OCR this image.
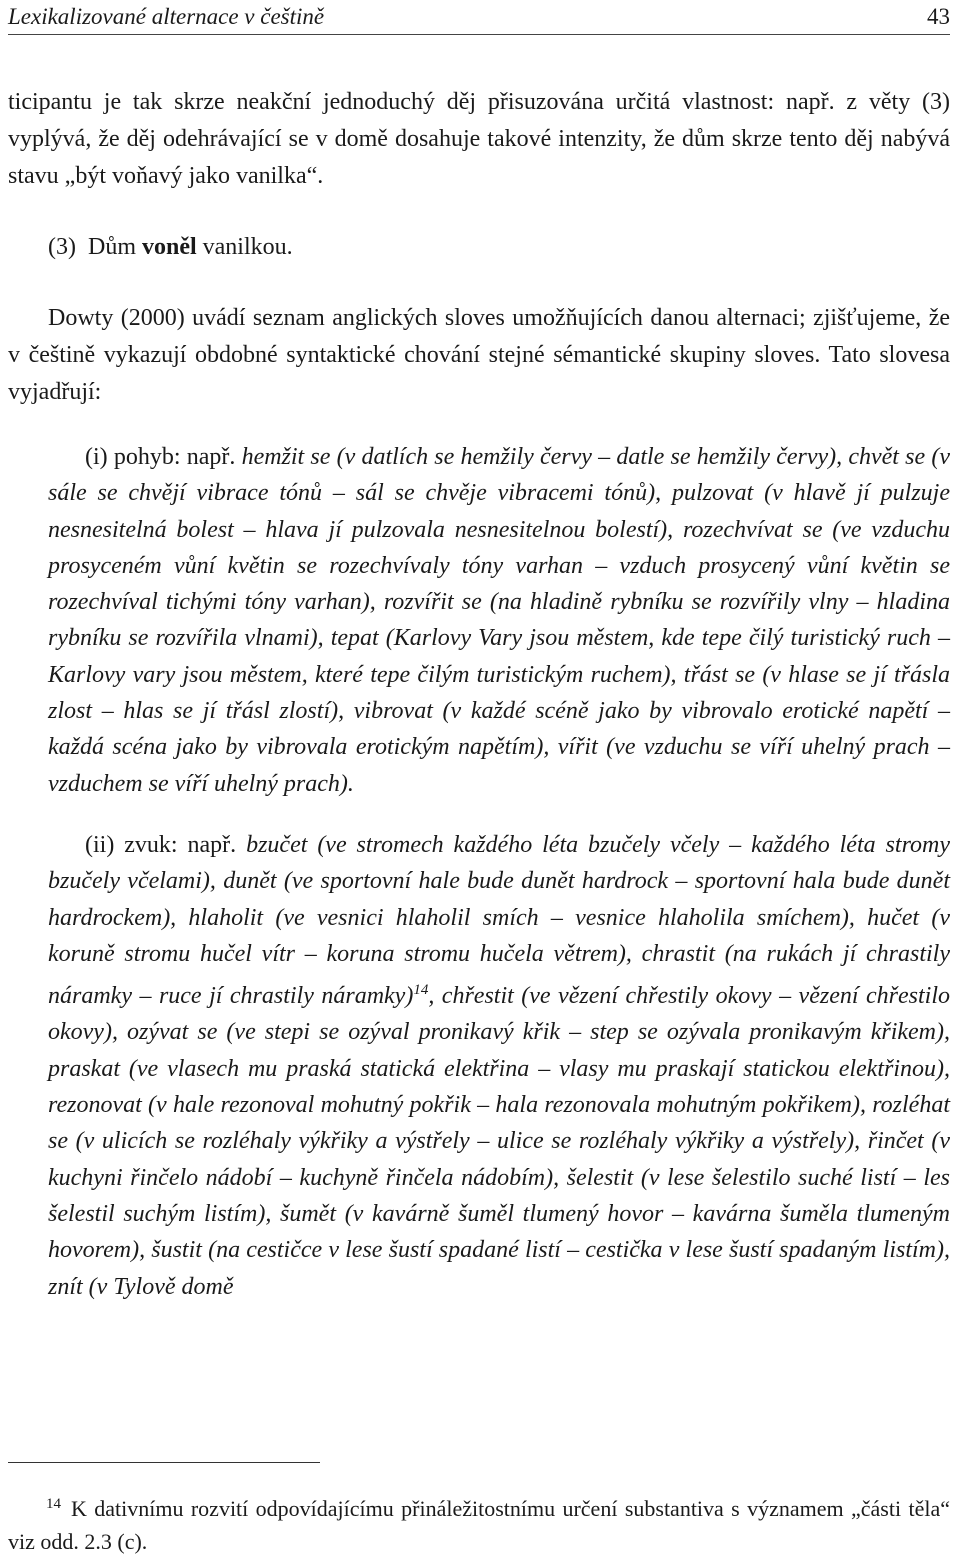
Lexikalizované alternace v češtině	43

ticipantu je tak skrze neakční jednoduchý děj přisuzována určitá vlastnost: např. z věty (3) vyplývá, že děj odehrávající se v domě dosahuje takové intenzity, že dům skrze tento děj nabývá stavu „být voňavý jako vanilka“.

(3) Dům voněl vanilkou.

Dowty (2000) uvádí seznam anglických sloves umožňujících danou alternaci; zjišťujeme, že v češtině vykazují obdobné syntaktické chování stejné sémantické skupiny sloves. Tato slovesa vyjadřují:

(i) pohyb: např. hemžit se (v datlích se hemžily červy – datle se hemžily červy), chvět se (v sále se chvějí vibrace tónů – sál se chvěje vibracemi tónů), pulzovat (v hlavě jí pulzuje nesnesitelná bolest – hlava jí pulzovala nesnesitelnou bolestí), rozechvívat se (ve vzduchu prosyceném vůní květin se rozechvívaly tóny varhan – vzduch prosycený vůní květin se rozechvíval tichými tóny varhan), rozvířit se (na hladině rybníku se rozvířily vlny – hladina rybníku se rozvířila vlnami), tepat (Karlovy Vary jsou městem, kde tepe čilý turistický ruch – Karlovy vary jsou městem, které tepe čilým turistickým ruchem), třást se (v hlase se jí třásla zlost – hlas se jí třásl zlostí), vibrovat (v každé scéně jako by vibrovalo erotické napětí – každá scéna jako by vibrovala erotickým napětím), vířit (ve vzduchu se víří uhelný prach – vzduchem se víří uhelný prach).

(ii) zvuk: např. bzučet (ve stromech každého léta bzučely včely – každého léta stromy bzučely včelami), dunět (ve sportovní hale bude dunět hardrock – sportovní hala bude dunět hardrockem), hlaholit (ve vesnici hlaholil smích – vesnice hlaholila smíchem), hučet (v koruně stromu hučel vítr – koruna stromu hučela větrem), chrastit (na rukách jí chrastily náramky – ruce jí chrastily náramky)$^{14}$, chřestit (ve vězení chřestily okovy – vězení chřestilo okovy), ozývat se (ve stepi se ozýval pronikavý křik – step se ozývala pronikavým křikem), praskat (ve vlasech mu praská statická elektřina – vlasy mu praskají statickou elektřinou), rezonovat (v hale rezonoval mohutný pokřik – hala rezonovala mohutným pokřikem), rozléhat se (v ulicích se rozléhaly výkřiky a výstřely – ulice se rozléhaly výkřiky a výstřely), řinčet (v kuchyni řinčelo nádobí – kuchyně řinčela nádobím), šelestit (v lese šelestilo suché listí – les šelestil suchým listím), šumět (v kavárně šuměl tlumený hovor – kavárna šuměla tlumeným hovorem), šustit (na cestičce v lese šustí spadané listí – cestička v lese šustí spadaným listím), znít (v Tylově domě

$^{14}$ K dativnímu rozvití odpovídajícímu přináležitostnímu určení substantiva s významem „části těla“ viz odd. 2.3 (c).
